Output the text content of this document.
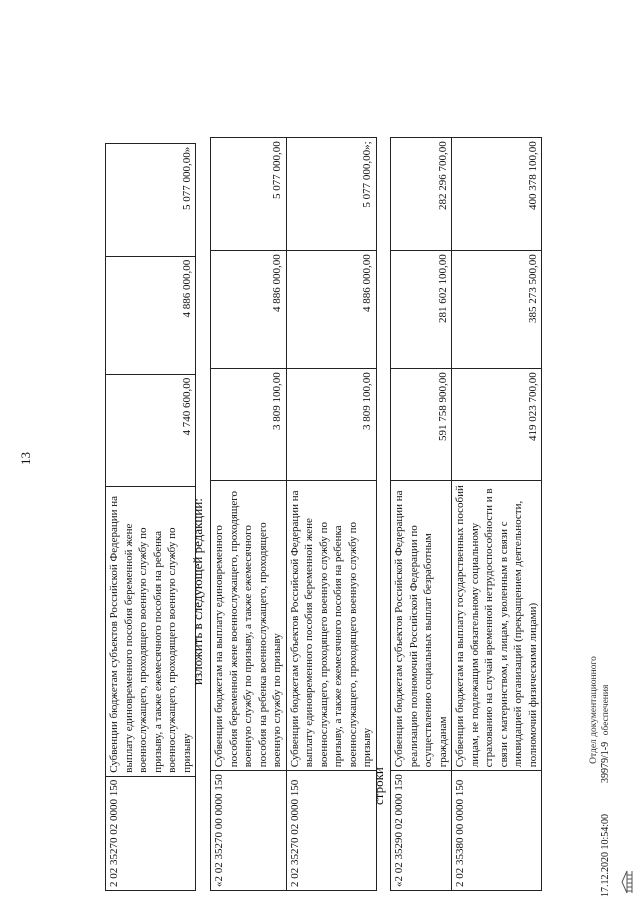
13
2 02 35270 02 0000 150	Субвенции бюджетам субъектов Российской Федерации на выплату единовременного пособия беременной жене военнослужащего, проходящего военную службу по призыву, а также ежемесячного пособия на ребенка военнослужащего, проходящего военную службу по призыву	4 740 600,00	4 886 000,00	5 077 000,00»
изложить в следующей редакции:
«2 02 35270 00 0000 150	Субвенции бюджетам на выплату единовременного пособия беременной жене военнослужащего, проходящего военную службу по призыву, а также ежемесячного пособия на ребенка военнослужащего, проходящего военную службу по призыву	3 809 100,00	4 886 000,00	5 077 000,00
2 02 35270 02 0000 150	Субвенции бюджетам субъектов Российской Федерации на выплату единовременного пособия беременной жене военнослужащего, проходящего военную службу по призыву, а также ежемесячного пособия на ребенка военнослужащего, проходящего военную службу по призыву	3 809 100,00	4 886 000,00	5 077 000,00»;
строки «2 02 35290 02 0000 150	Субвенции бюджетам субъектов Российской Федерации на реализацию полномочий Российской Федерации по осуществлению социальных выплат безработным гражданам	591 758 900,00	281 602 100,00	282 296 700,00
2 02 35380 00 0000 150	Субвенции бюджетам на выплату государственных пособий лицам, не подлежащим обязательному социальному страхованию на случай временной нетрудоспособности и в связи с материнством, и лицам, уволенным в связи с ликвидацией организаций (прекращением деятельности, полномочий физическими лицами)	419 023 700,00	385 273 500,00	400 378 100,00
Отдел документационного обеспечения
17.12.2020 10:54:00
39979/1-9
